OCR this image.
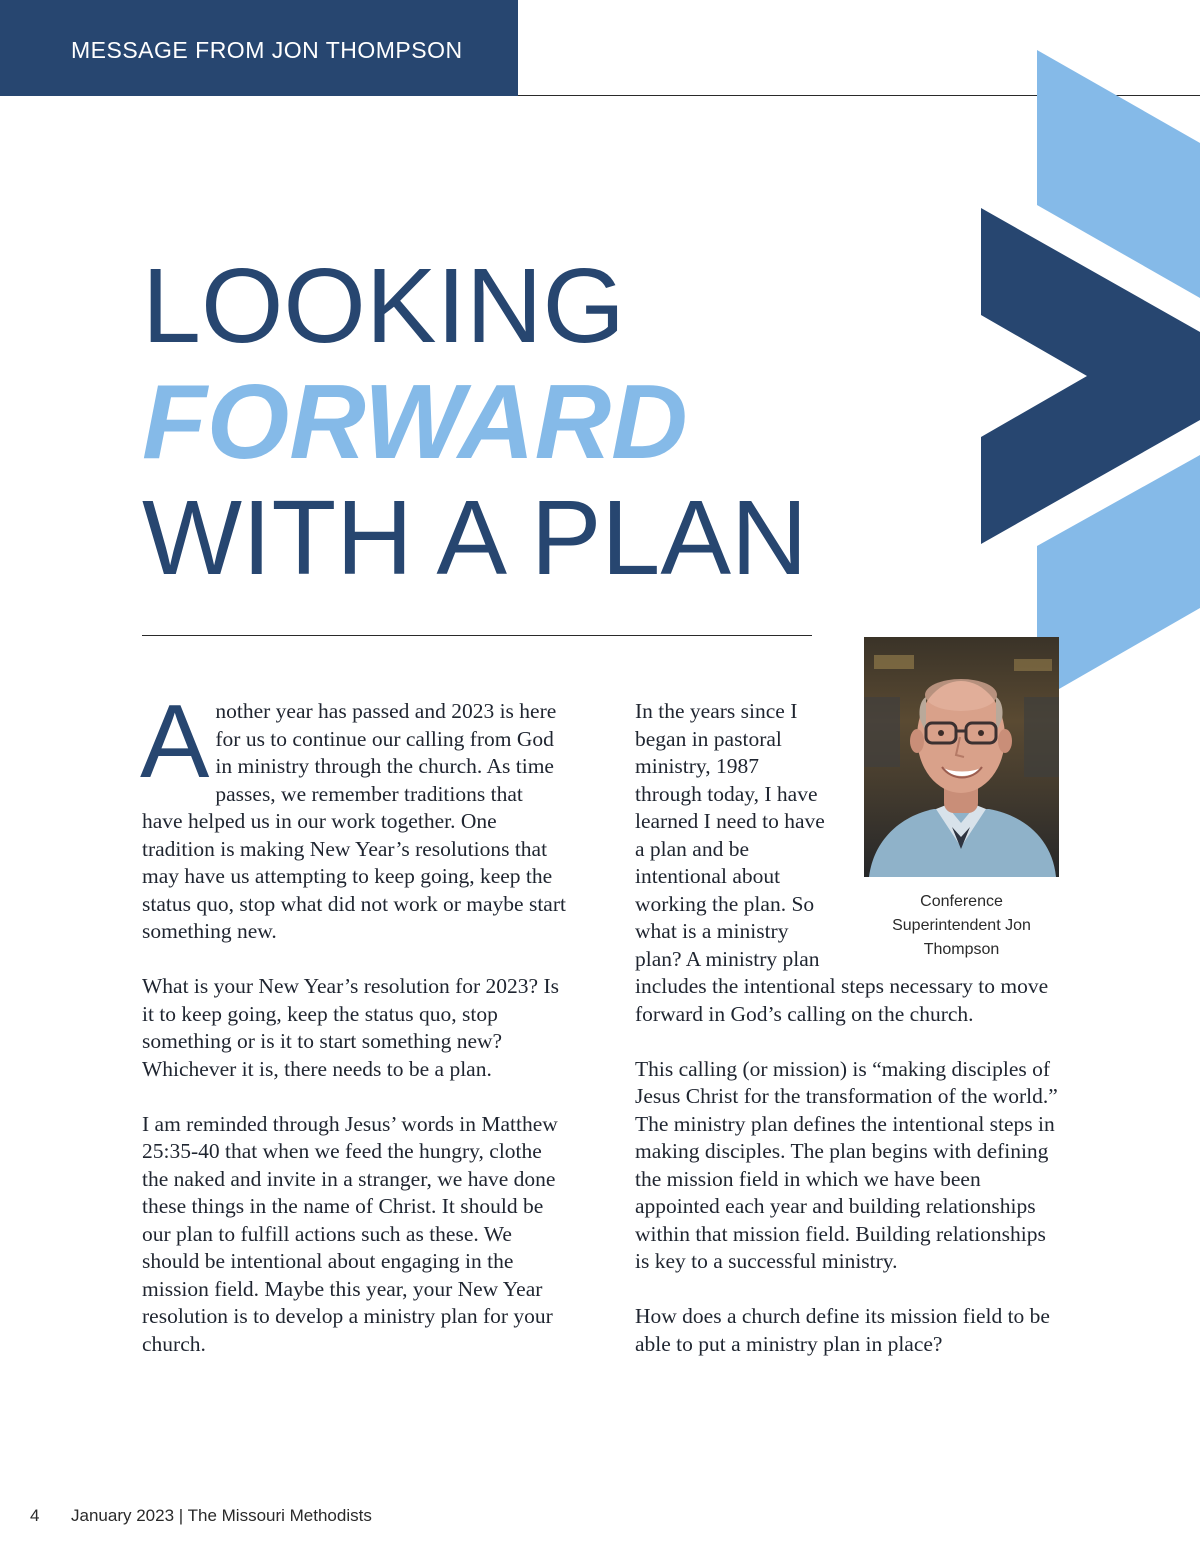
MESSAGE FROM JON THOMPSON

LOOKING
FORWARD
WITH A PLAN

Conference Superintendent Jon Thompson

Another year has passed and 2023 is here for us to continue our calling from God in ministry through the church. As time passes, we remember traditions that have helped us in our work together. One tradition is making New Year’s resolutions that may have us attempting to keep going, keep the status quo, stop what did not work or maybe start something new.

What is your New Year’s resolution for 2023? Is it to keep going, keep the status quo, stop something or is it to start something new? Whichever it is, there needs to be a plan.

I am reminded through Jesus’ words in Matthew 25:35-40 that when we feed the hungry, clothe the naked and invite in a stranger, we have done these things in the name of Christ. It should be our plan to fulfill actions such as these. We should be intentional about engaging in the mission field. Maybe this year, your New Year resolution is to develop a ministry plan for your church.

In the years since I began in pastoral ministry, 1987 through today, I have learned I need to have a plan and be intentional about working the plan. So what is a ministry plan? A ministry plan includes the intentional steps necessary to move forward in God’s calling on the church.

This calling (or mission) is “making disciples of Jesus Christ for the transformation of the world.” The ministry plan defines the intentional steps in making disciples. The plan begins with defining the mission field in which we have been appointed each year and building relationships within that mission field. Building relationships is key to a successful ministry.

How does a church define its mission field to be able to put a ministry plan in place?

4 January 2023 | The Missouri Methodists
